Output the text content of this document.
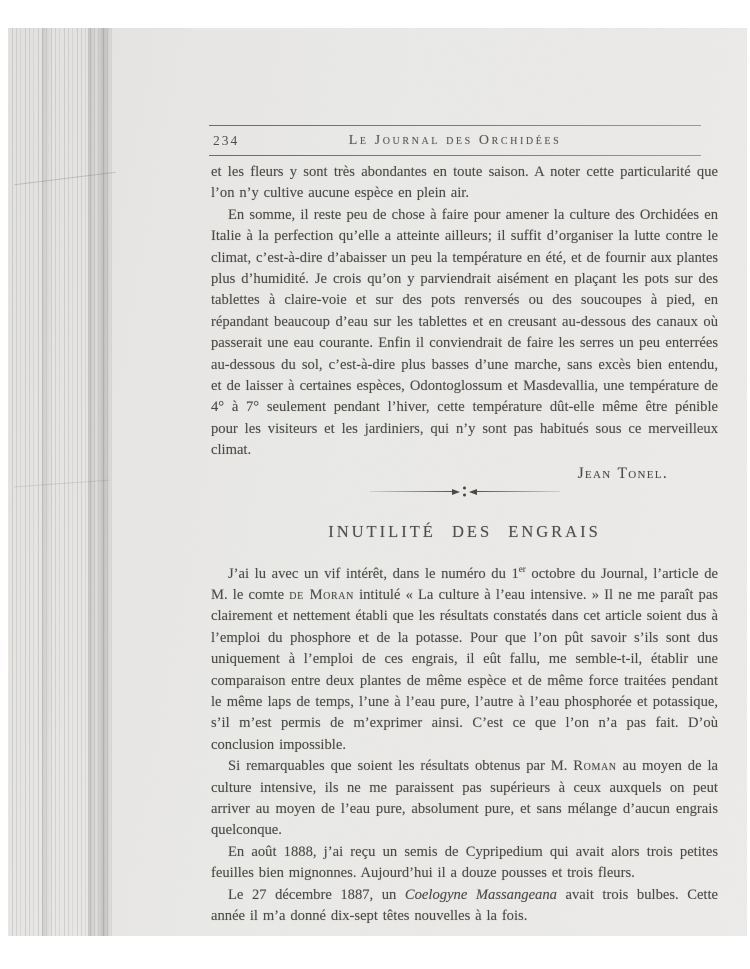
234	Le Journal des Orchidées

et les fleurs y sont très abondantes en toute saison. A noter cette particularité que l’on n’y cultive aucune espèce en plein air.

En somme, il reste peu de chose à faire pour amener la culture des Orchidées en Italie à la perfection qu’elle a atteinte ailleurs; il suffit d’organiser la lutte contre le climat, c’est-à-dire d’abaisser un peu la température en été, et de fournir aux plantes plus d’humidité. Je crois qu’on y parviendrait aisément en plaçant les pots sur des tablettes à claire-voie et sur des pots renversés ou des soucoupes à pied, en répandant beaucoup d’eau sur les tablettes et en creusant au-dessous des canaux où passerait une eau courante. Enfin il conviendrait de faire les serres un peu enterrées au-dessous du sol, c’est-à-dire plus basses d’une marche, sans excès bien entendu, et de laisser à certaines espèces, Odontoglossum et Masdevallia, une température de 4° à 7° seulement pendant l’hiver, cette température dût-elle même être pénible pour les visiteurs et les jardiniers, qui n’y sont pas habitués sous ce merveilleux climat.

Jean Tonel.
INUTILITÉ DES ENGRAIS

J’ai lu avec un vif intérêt, dans le numéro du 1er octobre du Journal, l’article de M. le comte de Moran intitulé « La culture à l’eau intensive. » Il ne me paraît pas clairement et nettement établi que les résultats constatés dans cet article soient dus à l’emploi du phosphore et de la potasse. Pour que l’on pût savoir s’ils sont dus uniquement à l’emploi de ces engrais, il eût fallu, me semble-t-il, établir une comparaison entre deux plantes de même espèce et de même force traitées pendant le même laps de temps, l’une à l’eau pure, l’autre à l’eau phosphorée et potassique, s’il m’est permis de m’exprimer ainsi. C’est ce que l’on n’a pas fait. D’où conclusion impossible.

Si remarquables que soient les résultats obtenus par M. Roman au moyen de la culture intensive, ils ne me paraissent pas supérieurs à ceux auxquels on peut arriver au moyen de l’eau pure, absolument pure, et sans mélange d’aucun engrais quelconque.

En août 1888, j’ai reçu un semis de Cypripedium qui avait alors trois petites feuilles bien mignonnes. Aujourd’hui il a douze pousses et trois fleurs.

Le 27 décembre 1887, un Coelogyne Massangeana avait trois bulbes. Cette année il m’a donné dix-sept têtes nouvelles à la fois.
